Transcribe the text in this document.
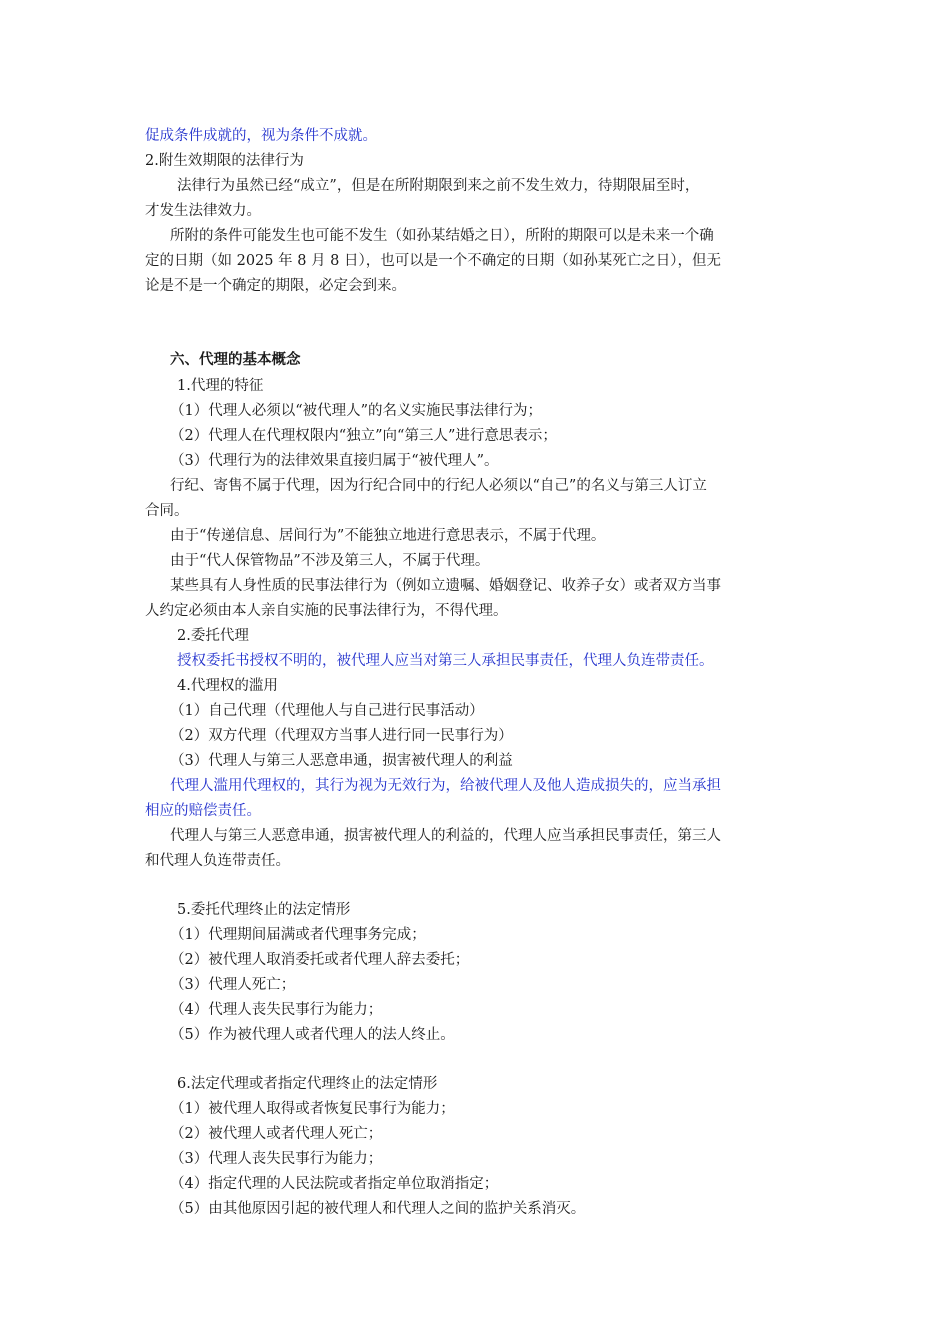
促成条件成就的，视为条件不成就。
2.附生效期限的法律行为
法律行为虽然已经“成立”，但是在所附期限到来之前不发生效力，待期限届至时，
才发生法律效力。
所附的条件可能发生也可能不发生（如孙某结婚之日），所附的期限可以是未来一个确
定的日期（如 2025 年 8 月 8 日），也可以是一个不确定的日期（如孙某死亡之日），但无
论是不是一个确定的期限，必定会到来。
六、代理的基本概念
1.代理的特征
（1）代理人必须以“被代理人”的名义实施民事法律行为；
（2）代理人在代理权限内“独立”向“第三人”进行意思表示；
（3）代理行为的法律效果直接归属于“被代理人”。
行纪、寄售不属于代理，因为行纪合同中的行纪人必须以“自己”的名义与第三人订立
合同。
由于“传递信息、居间行为”不能独立地进行意思表示，不属于代理。
由于“代人保管物品”不涉及第三人，不属于代理。
某些具有人身性质的民事法律行为（例如立遗嘱、婚姻登记、收养子女）或者双方当事
人约定必须由本人亲自实施的民事法律行为，不得代理。
2.委托代理
授权委托书授权不明的，被代理人应当对第三人承担民事责任，代理人负连带责任。
4.代理权的滥用
（1）自己代理（代理他人与自己进行民事活动）
（2）双方代理（代理双方当事人进行同一民事行为）
（3）代理人与第三人恶意串通，损害被代理人的利益
代理人滥用代理权的，其行为视为无效行为，给被代理人及他人造成损失的，应当承担
相应的赔偿责任。
代理人与第三人恶意串通，损害被代理人的利益的，代理人应当承担民事责任，第三人
和代理人负连带责任。
5.委托代理终止的法定情形
（1）代理期间届满或者代理事务完成；
（2）被代理人取消委托或者代理人辞去委托；
（3）代理人死亡；
（4）代理人丧失民事行为能力；
（5）作为被代理人或者代理人的法人终止。
6.法定代理或者指定代理终止的法定情形
（1）被代理人取得或者恢复民事行为能力；
（2）被代理人或者代理人死亡；
（3）代理人丧失民事行为能力；
（4）指定代理的人民法院或者指定单位取消指定；
（5）由其他原因引起的被代理人和代理人之间的监护关系消灭。
